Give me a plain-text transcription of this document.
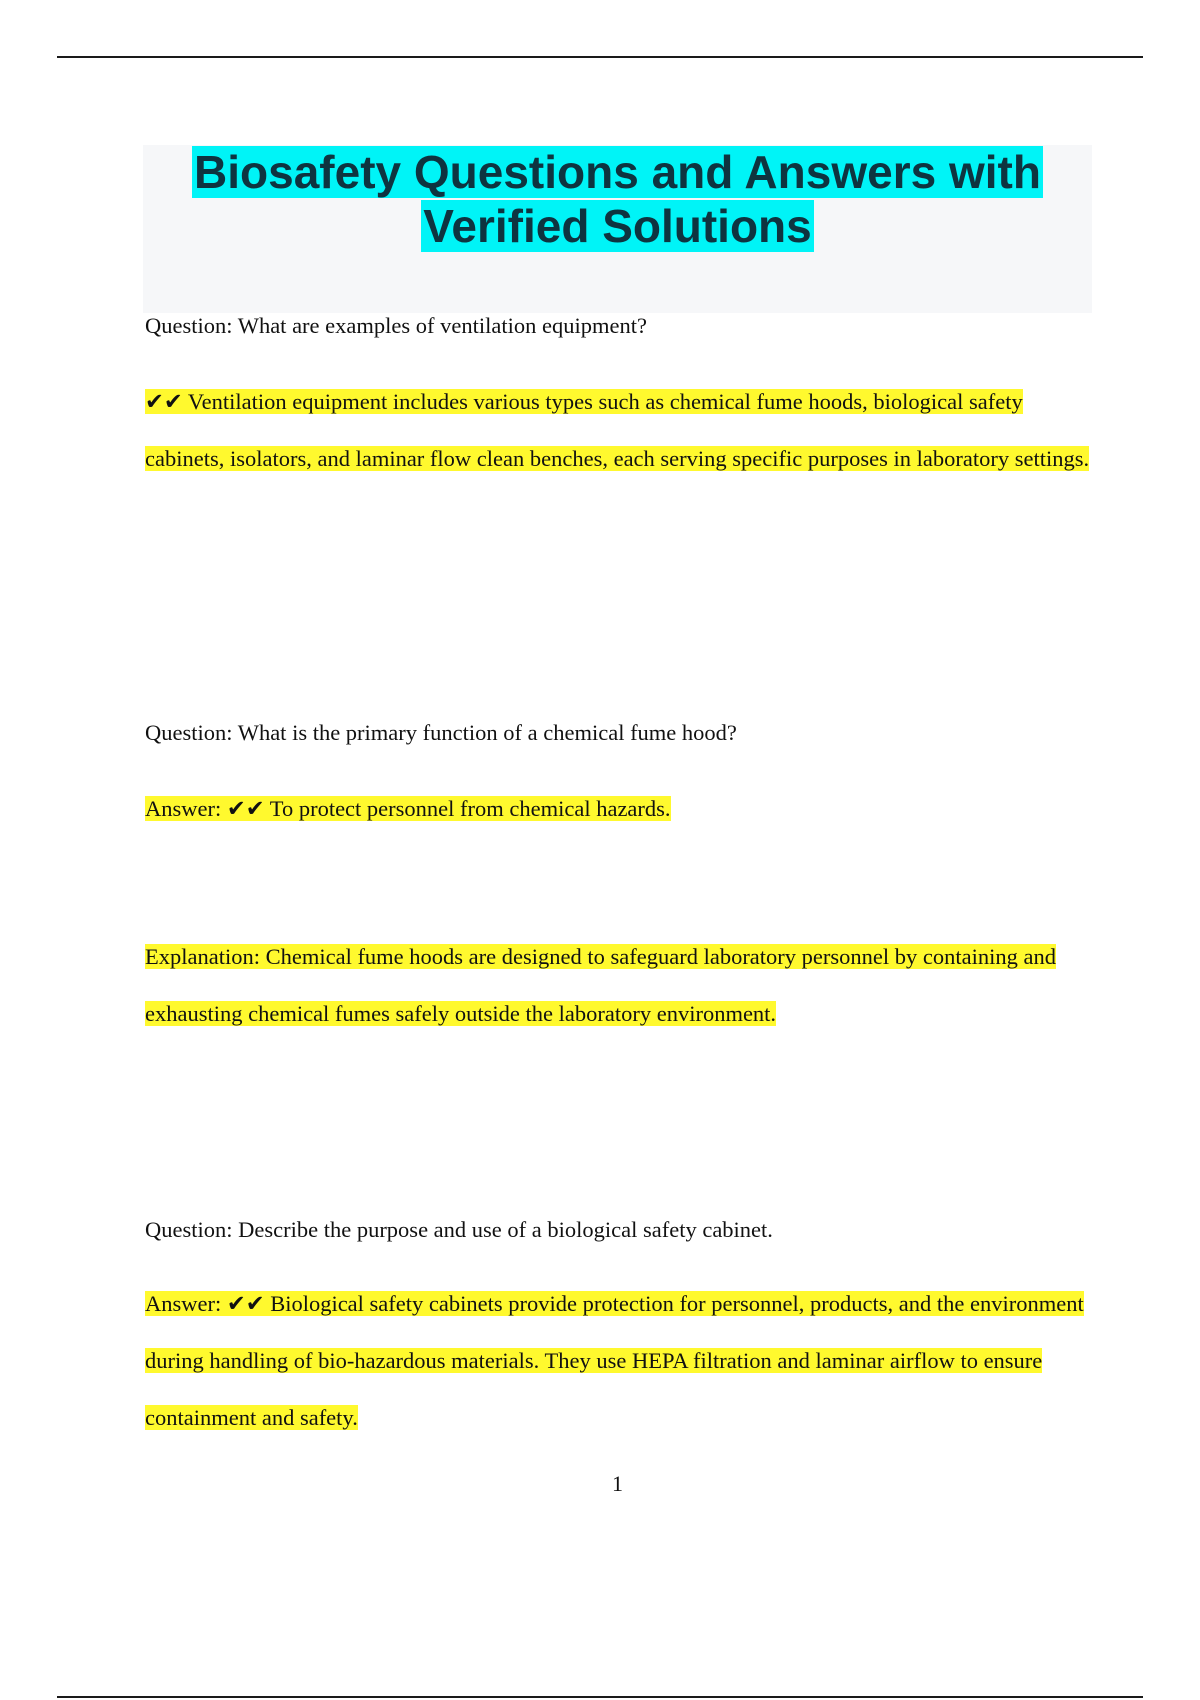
Biosafety Questions and Answers with
Verified Solutions

Question: What are examples of ventilation equipment?

✔✔ Ventilation equipment includes various types such as chemical fume hoods, biological safety cabinets, isolators, and laminar flow clean benches, each serving specific purposes in laboratory settings.

Question: What is the primary function of a chemical fume hood?

Answer: ✔✔ To protect personnel from chemical hazards.

Explanation: Chemical fume hoods are designed to safeguard laboratory personnel by containing and exhausting chemical fumes safely outside the laboratory environment.

Question: Describe the purpose and use of a biological safety cabinet.

Answer: ✔✔ Biological safety cabinets provide protection for personnel, products, and the environment during handling of bio-hazardous materials. They use HEPA filtration and laminar airflow to ensure containment and safety.

1
